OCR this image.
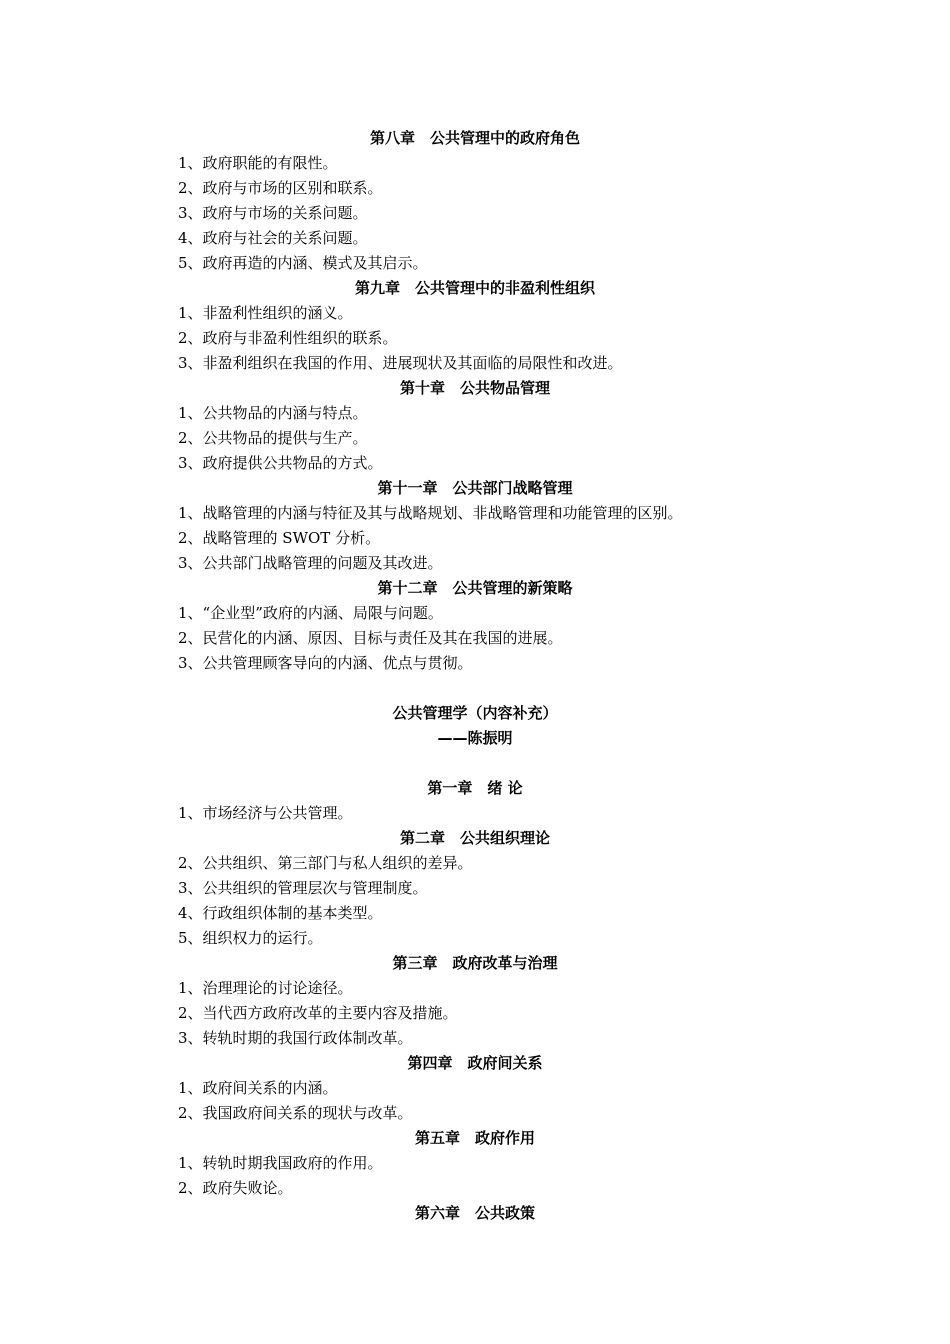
第八章　公共管理中的政府角色
1、政府职能的有限性。
2、政府与市场的区别和联系。
3、政府与市场的关系问题。
4、政府与社会的关系问题。
5、政府再造的内涵、模式及其启示。
第九章　公共管理中的非盈利性组织
1、非盈利性组织的涵义。
2、政府与非盈利性组织的联系。
3、非盈利组织在我国的作用、进展现状及其面临的局限性和改进。
第十章　公共物品管理
1、公共物品的内涵与特点。
2、公共物品的提供与生产。
3、政府提供公共物品的方式。
第十一章　公共部门战略管理
1、战略管理的内涵与特征及其与战略规划、非战略管理和功能管理的区别。
2、战略管理的 SWOT 分析。
3、公共部门战略管理的问题及其改进。
第十二章　公共管理的新策略
1、“企业型”政府的内涵、局限与问题。
2、民营化的内涵、原因、目标与责任及其在我国的进展。
3、公共管理顾客导向的内涵、优点与贯彻。
公共管理学（内容补充）
——陈振明
第一章　绪 论
1、市场经济与公共管理。
第二章　公共组织理论
2、公共组织、第三部门与私人组织的差异。
3、公共组织的管理层次与管理制度。
4、行政组织体制的基本类型。
5、组织权力的运行。
第三章　政府改革与治理
1、治理理论的讨论途径。
2、当代西方政府改革的主要内容及措施。
3、转轨时期的我国行政体制改革。
第四章　政府间关系
1、政府间关系的内涵。
2、我国政府间关系的现状与改革。
第五章　政府作用
1、转轨时期我国政府的作用。
2、政府失败论。
第六章　公共政策
